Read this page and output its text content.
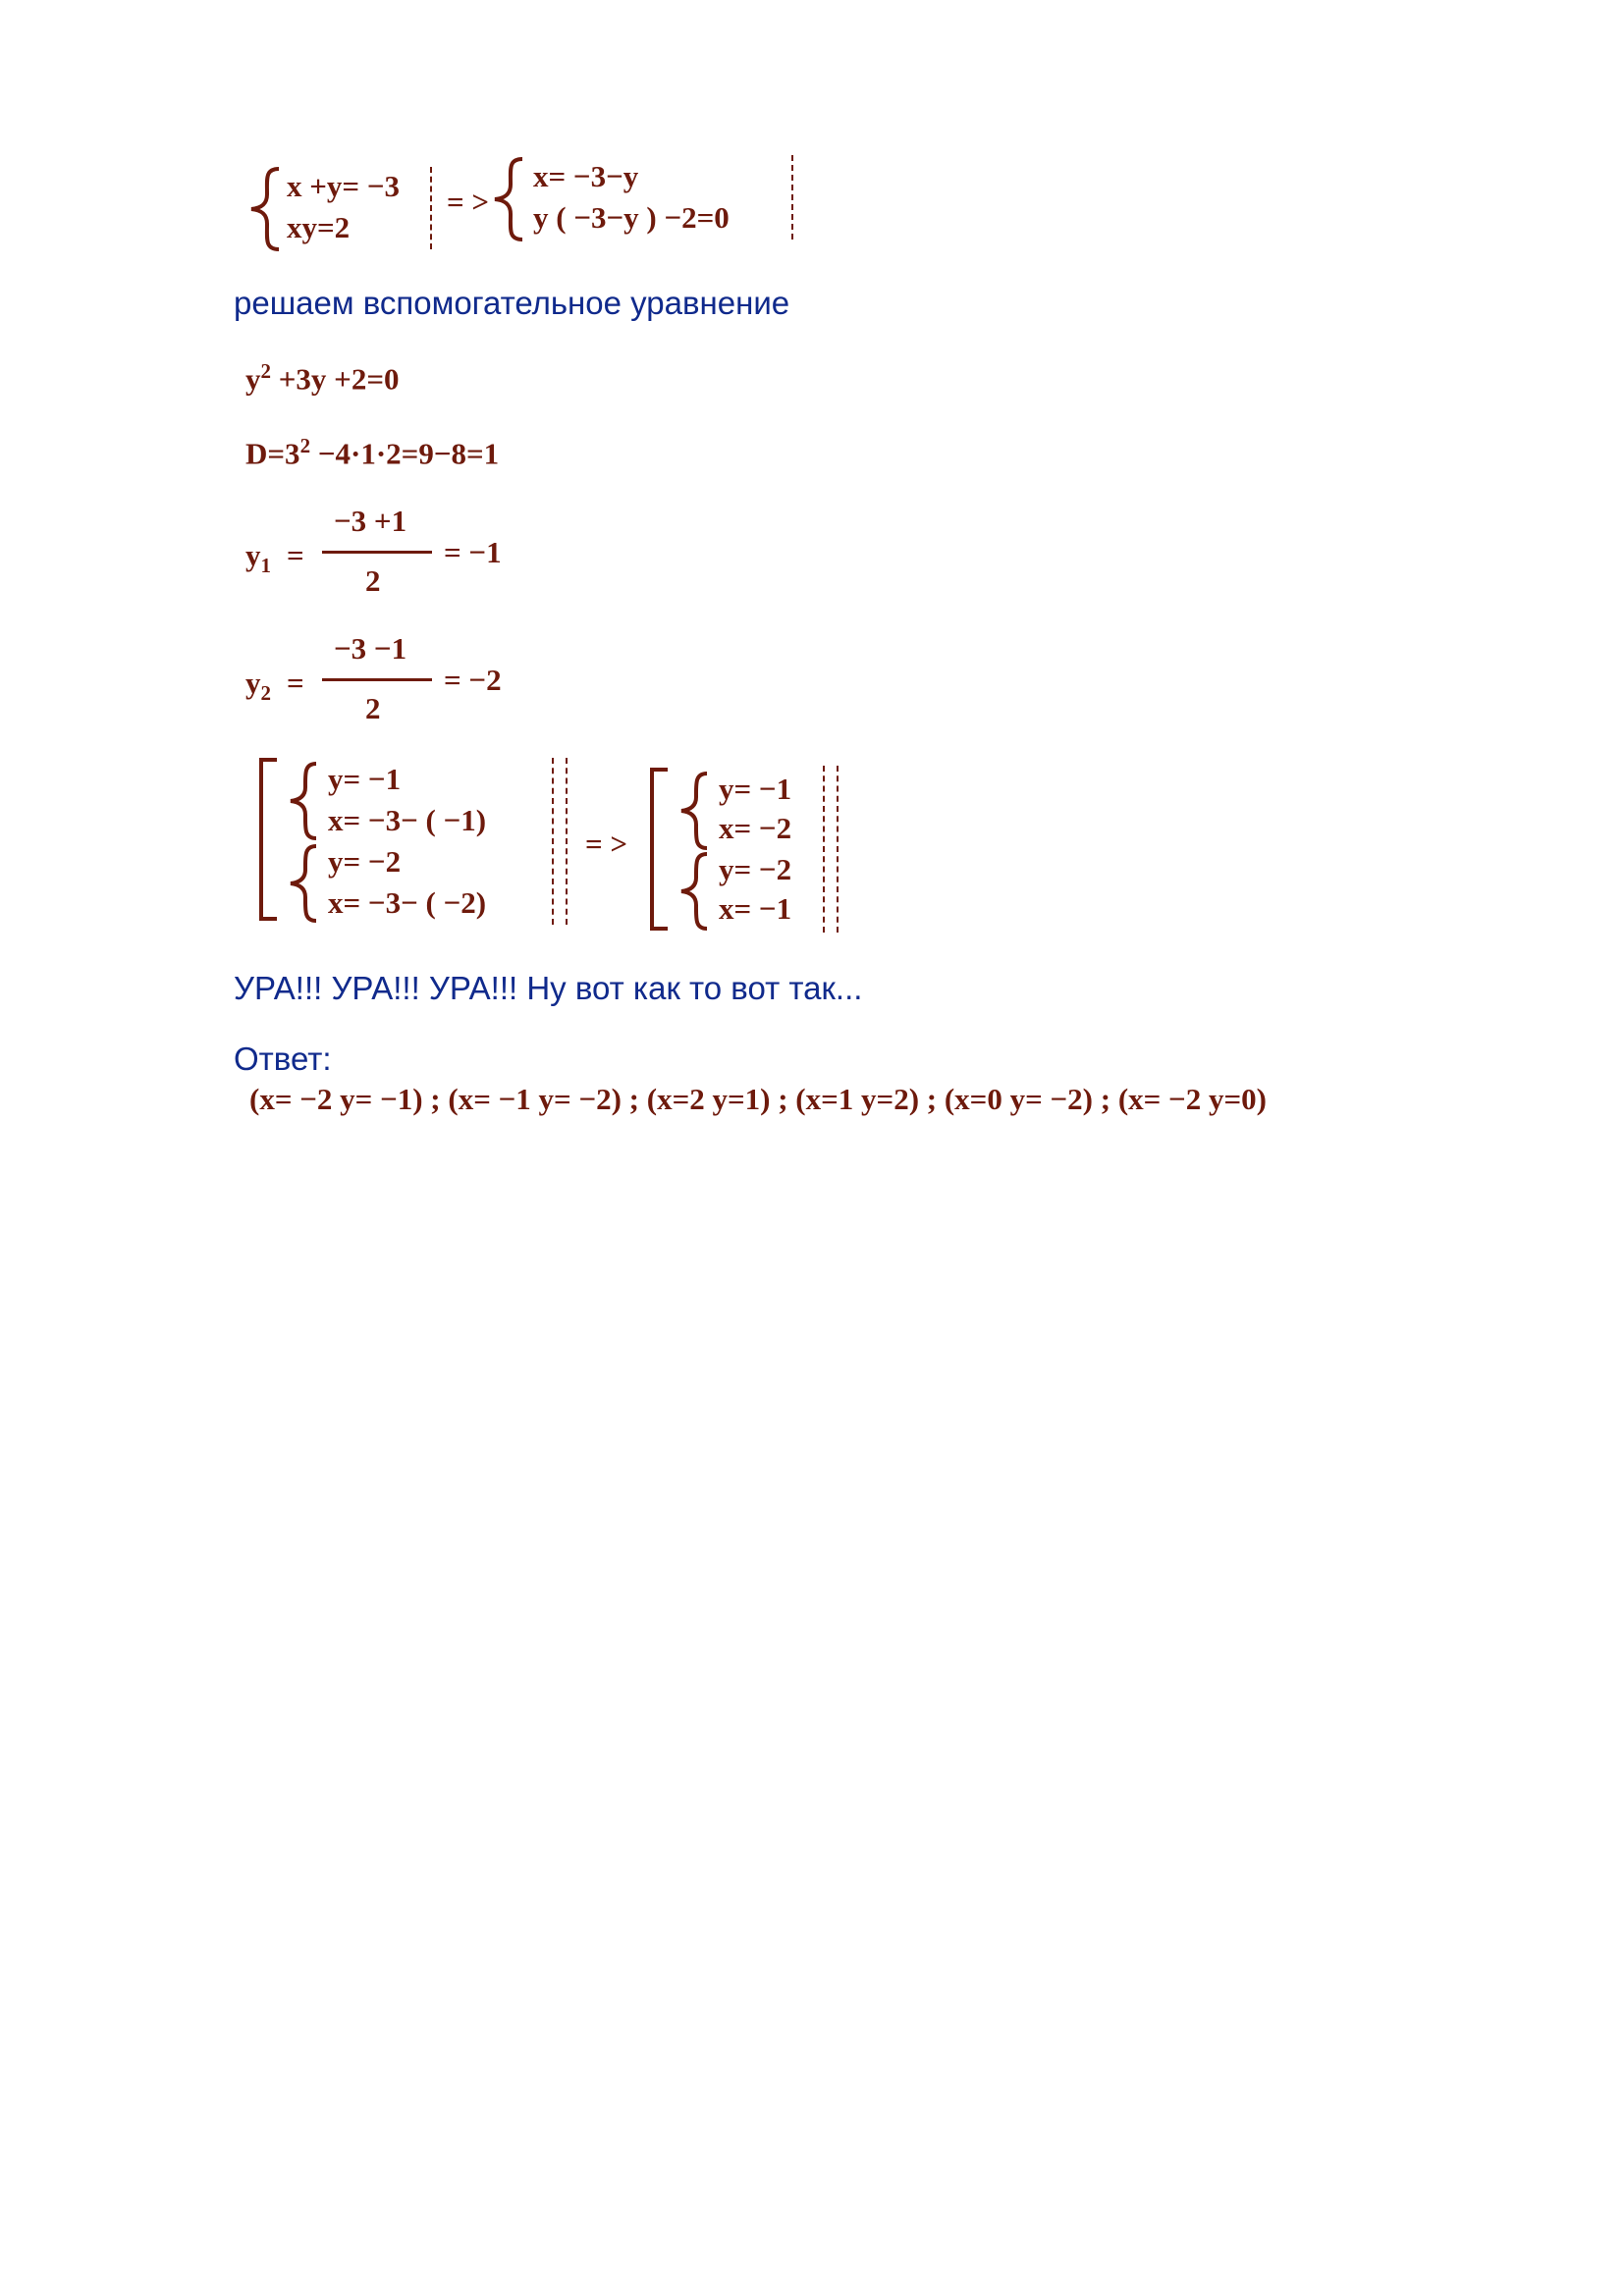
x +y= −3
xy=2
= >
x= −3−y
y ( −3−y ) −2=0
решаем вспомогательное уравнение
$y^2 +3y +2=0$
$D=3^2 -4\cdot 1\cdot 2=9-8=1$
$y_1$ =
−3 +1
2
= −1
$y_2$ =
−3 −1
2
= −2
y= −1
x= −3− ( −1)
y= −2
x= −3− ( −2)
= >
y= −1
x= −2
y= −2
x= −1
УРА!!! УРА!!! УРА!!! Ну вот как то вот так...
Ответ:
(x= −2 y= −1) ; (x= −1 y= −2) ; (x=2 y=1) ; (x=1 y=2) ; (x=0 y= −2) ; (x= −2 y=0)
